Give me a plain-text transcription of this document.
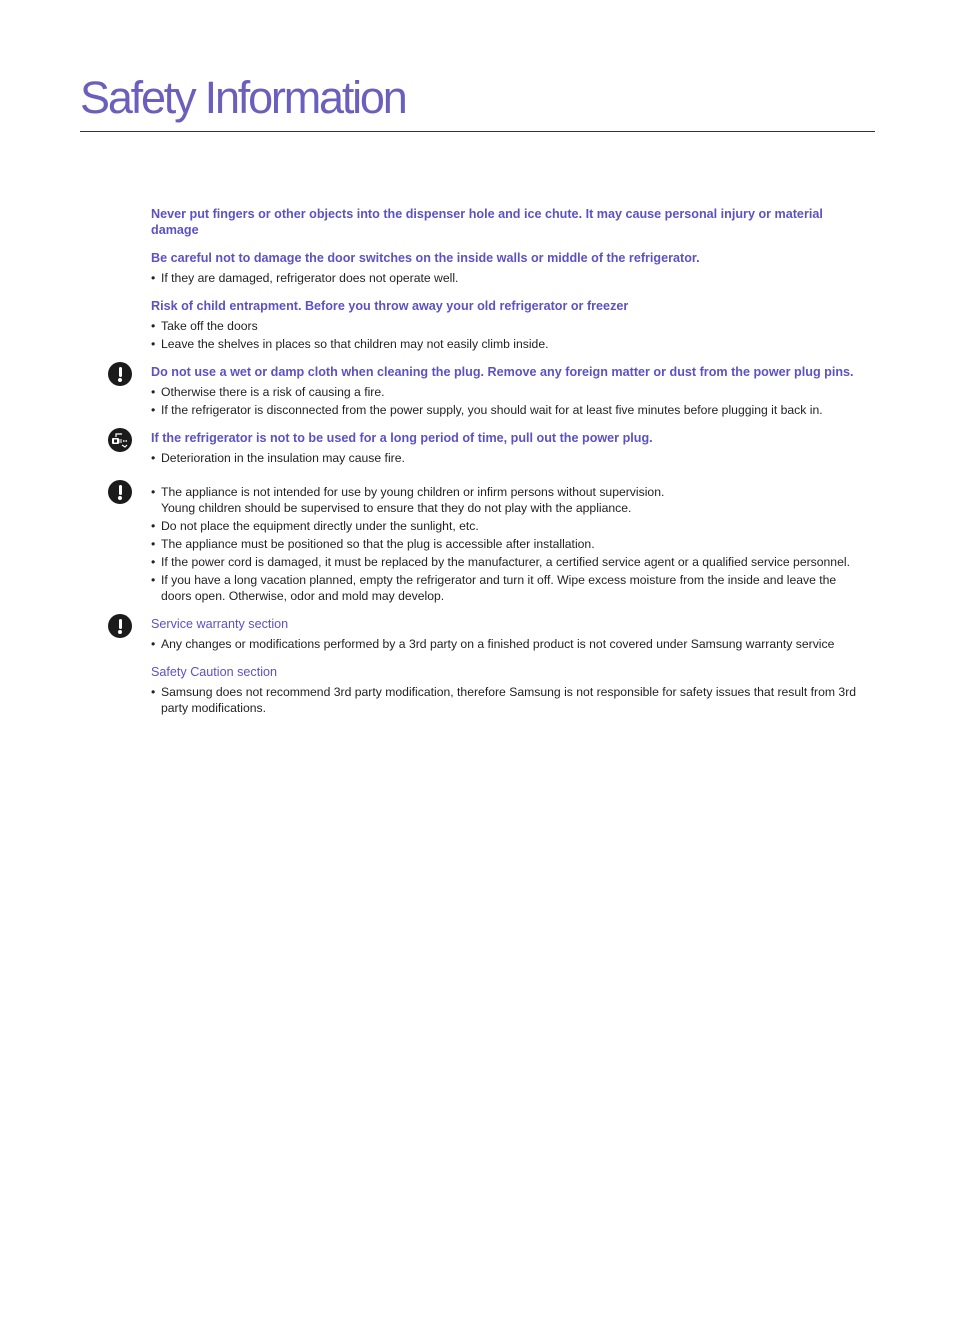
Safety Information

Never put fingers or other objects into the dispenser hole and ice chute. It may cause personal injury or material damage

Be careful not to damage the door switches on the inside walls or middle of the refrigerator.

• If they are damaged, refrigerator does not operate well.

Risk of child entrapment. Before you throw away your old refrigerator or freezer

• Take off the doors
• Leave the shelves in places so that children may not easily climb inside.

Do not use a wet or damp cloth when cleaning the plug. Remove any foreign matter or dust from the power plug pins.

• Otherwise there is a risk of causing a fire.
• If the refrigerator is disconnected from the power supply, you should wait for at least five minutes before plugging it back in.

If the refrigerator is not to be used for a long period of time, pull out the power plug.

• Deterioration in the insulation may cause fire.
• The appliance is not intended for use by young children or infirm persons without supervision.
Young children should be supervised to ensure that they do not play with the appliance.
• Do not place the equipment directly under the sunlight, etc.
• The appliance must be positioned so that the plug is accessible after installation.
• If the power cord is damaged, it must be replaced by the manufacturer, a certified service agent or a qualified service personnel.
• If you have a long vacation planned, empty the refrigerator and turn it off. Wipe excess moisture from the inside and leave the doors open. Otherwise, odor and mold may develop.

Service warranty section

• Any changes or modifications performed by a 3rd party on a finished product is not covered under Samsung warranty service

Safety Caution section

• Samsung does not recommend 3rd party modification, therefore Samsung is not responsible for safety issues that result from 3rd party modifications.
